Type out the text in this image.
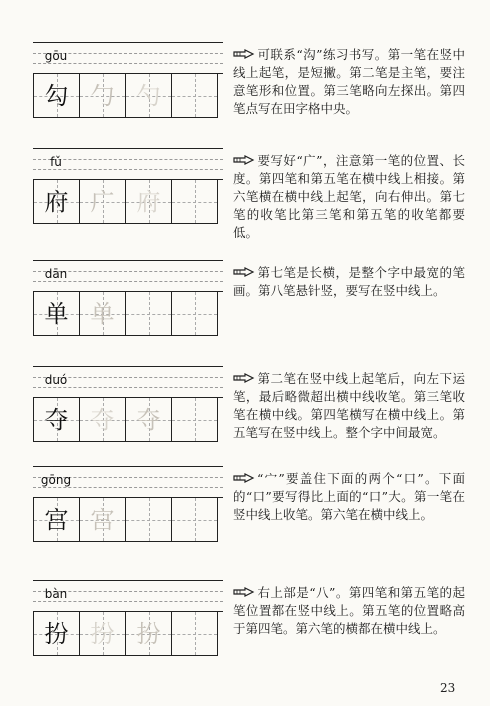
gōu
勾 勹 勺
可联系“沟”练习书写。第一笔在竖中线上起笔，是短撇。第二笔是主笔，要注意笔形和位置。第三笔略向左探出。第四笔点写在田字格中央。
fǔ
府 广 府
要写好“广”，注意第一笔的位置、长度。第四笔和第五笔在横中线上相接。第六笔横在横中线上起笔，向右伸出。第七笔的收笔比第三笔和第五笔的收笔都要低。
dān
单 单
第七笔是长横，是整个字中最宽的笔画。第八笔悬针竖，要写在竖中线上。
duó
夺 夺 夺
第二笔在竖中线上起笔后，向左下运笔，最后略微超出横中线收笔。第三笔收笔在横中线。第四笔横写在横中线上。第五笔写在竖中线上。整个字中间最宽。
gōng
宫 宫
“宀”要盖住下面的两个“口”。下面的“口”要写得比上面的“口”大。第一笔在竖中线上收笔。第六笔在横中线上。
bàn
扮 扮 扮
右上部是“八”。第四笔和第五笔的起笔位置都在竖中线上。第五笔的位置略高于第四笔。第六笔的横都在横中线上。
23
